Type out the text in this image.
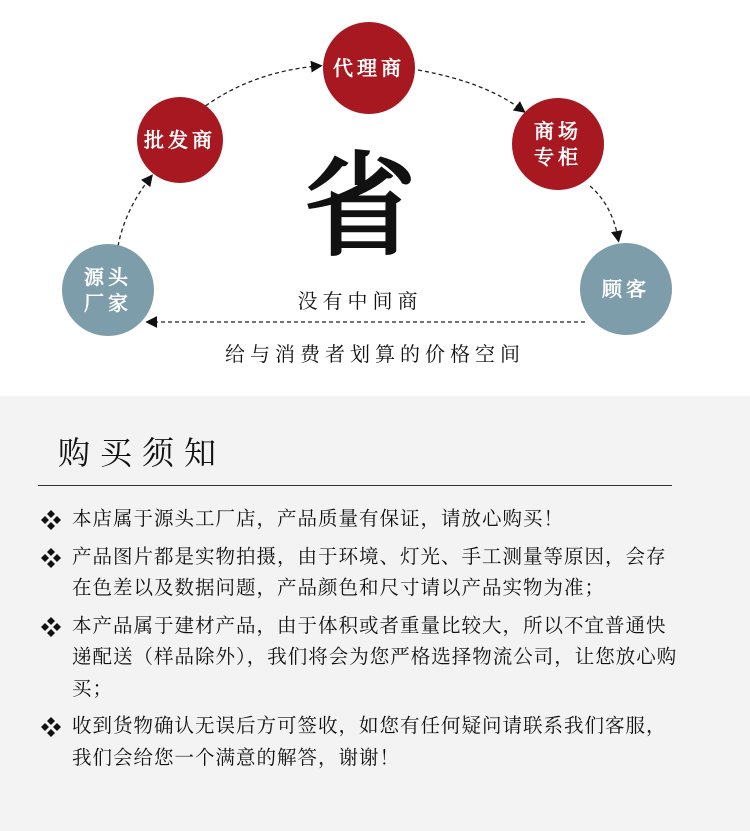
批发商
代理商
商场
专柜
源头
厂家
顾客
省
没有中间商
给与消费者划算的价格空间
购买须知
本店属于源头工厂店，产品质量有保证，请放心购买！
产品图片都是实物拍摄，由于环境、灯光、手工测量等原因，会存在色差以及数据问题，产品颜色和尺寸请以产品实物为准；
本产品属于建材产品，由于体积或者重量比较大，所以不宜普通快递配送（样品除外），我们将会为您严格选择物流公司，让您放心购买；
收到货物确认无误后方可签收，如您有任何疑问请联系我们客服，我们会给您一个满意的解答，谢谢！
